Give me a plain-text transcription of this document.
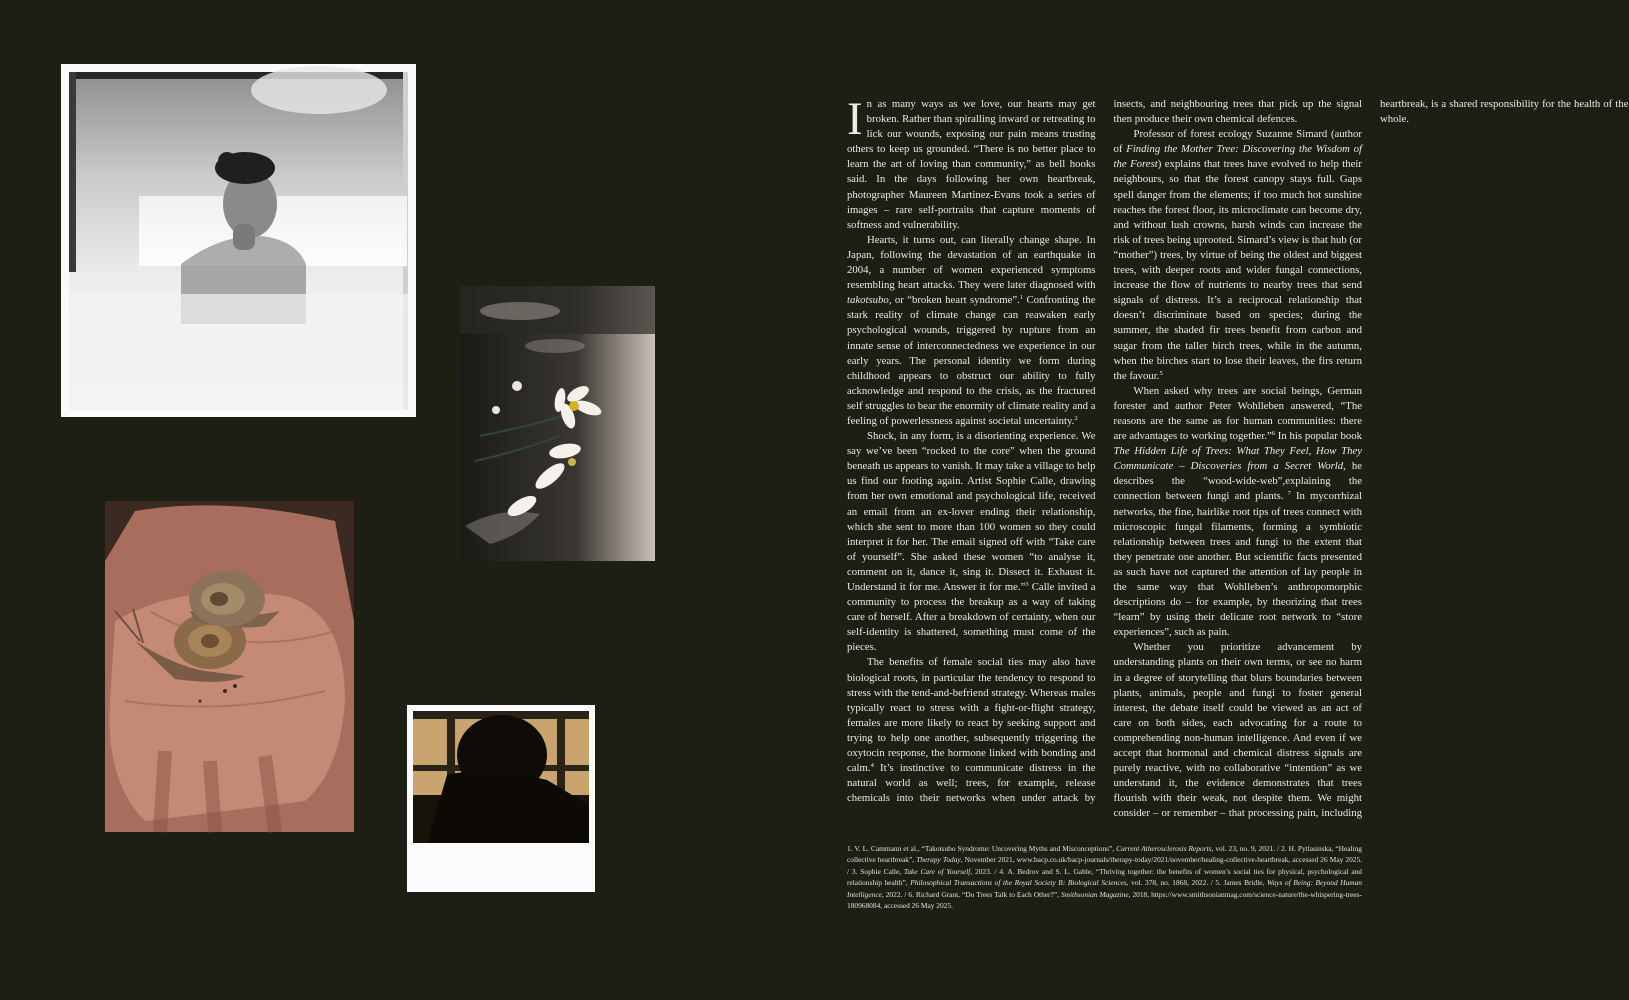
In as many ways as we love, our hearts may get broken. Rather than spiralling inward or retreating to lick our wounds, exposing our pain means trusting others to keep us grounded. “There is no better place to learn the art of loving than community,” as bell hooks said. In the days following her own heartbreak, photographer Maureen Martinez-Evans took a series of images – rare self-portraits that capture moments of softness and vulnerability.

Hearts, it turns out, can literally change shape. In Japan, following the devastation of an earthquake in 2004, a number of women experienced symptoms resembling heart attacks. They were later diagnosed with takotsubo, or “broken heart syndrome”.$^1$ Confronting the stark reality of climate change can reawaken early psychological wounds, triggered by rupture from an innate sense of interconnectedness we experience in our early years. The personal identity we form during childhood appears to obstruct our ability to fully acknowledge and respond to the crisis, as the fractured self struggles to bear the enormity of climate reality and a feeling of powerlessness against societal uncertainty.$^2$

Shock, in any form, is a disorienting experience. We say we’ve been “rocked to the core” when the ground beneath us appears to vanish. It may take a village to help us find our footing again. Artist Sophie Calle, drawing from her own emotional and psychological life, received an email from an ex-lover ending their relationship, which she sent to more than 100 women so they could interpret it for her. The email signed off with “Take care of yourself”. She asked these women “to analyse it, comment on it, dance it, sing it. Dissect it. Exhaust it. Understand it for me. Answer it for me.”$^3$ Calle invited a community to process the breakup as a way of taking care of herself. After a breakdown of certainty, when our self-identity is shattered, something must come of the pieces.

The benefits of female social ties may also have biological roots, in particular the tendency to respond to stress with the tend-and-befriend strategy. Whereas males typically react to stress with a fight-or-flight strategy, females are more likely to react by seeking support and trying to help one another, subsequently triggering the oxytocin response, the hormone linked with bonding and calm.$^4$ It’s instinctive to communicate distress in the natural world as well; trees, for example, release chemicals into their networks when under attack by insects, and neighbouring trees that pick up the signal then produce their own chemical defences.

Professor of forest ecology Suzanne Simard (author of Finding the Mother Tree: Discovering the Wisdom of the Forest) explains that trees have evolved to help their neighbours, so that the forest canopy stays full. Gaps spell danger from the elements; if too much hot sunshine reaches the forest floor, its microclimate can become dry, and without lush crowns, harsh winds can increase the risk of trees being uprooted. Simard’s view is that hub (or “mother”) trees, by virtue of being the oldest and biggest trees, with deeper roots and wider fungal connections, increase the flow of nutrients to nearby trees that send signals of distress. It’s a reciprocal relationship that doesn’t discriminate based on species; during the summer, the shaded fir trees benefit from carbon and sugar from the taller birch trees, while in the autumn, when the birches start to lose their leaves, the firs return the favour.$^5$

When asked why trees are social beings, German forester and author Peter Wohlleben answered, “The reasons are the same as for human communities: there are advantages to working together.”$^6$ In his popular book The Hidden Life of Trees: What They Feel, How They Communicate – Discoveries from a Secret World, he describes the “wood-wide-web”,explaining the connection between fungi and plants. $^7$ In mycorrhizal networks, the fine, hairlike root tips of trees connect with microscopic fungal filaments, forming a symbiotic relationship between trees and fungi to the extent that they penetrate one another. But scientific facts presented as such have not captured the attention of lay people in the same way that Wohlleben’s anthropomorphic descriptions do – for example, by theorizing that trees “learn” by using their delicate root network to “store experiences”, such as pain.

Whether you prioritize advancement by understanding plants on their own terms, or see no harm in a degree of storytelling that blurs boundaries between plants, animals, people and fungi to foster general interest, the debate itself could be viewed as an act of care on both sides, each advocating for a route to comprehending non-human intelligence. And even if we accept that hormonal and chemical distress signals are purely reactive, with no collaborative “intention” as we understand it, the evidence demonstrates that trees flourish with their weak, not despite them. We might consider – or remember – that processing pain, including heartbreak, is a shared responsibility for the health of the whole.

1. V. L. Cammann et al., “Takotsubo Syndrome: Uncovering Myths and Misconceptions”, Current Atherosclerosis Reports, vol. 23, no. 9, 2021. / 2. H. Pytlasinska, “Healing collective heartbreak”, Therapy Today, November 2021, www.bacp.co.uk/bacp-journals/therapy-today/2021/november/healing-collective-heartbreak, accessed 26 May 2025. / 3. Sophie Calle, Take Care of Yourself, 2023. / 4. A. Bedrov and S. L. Gable, “Thriving together: the benefits of women’s social ties for physical, psychological and relationship health”, Philosophical Transactions of the Royal Society B: Biological Sciences, vol. 378, no. 1868, 2022. / 5. James Bridle, Ways of Being: Beyond Human Intelligence, 2022. / 6. Richard Grant, “Do Trees Talk to Each Other?”, Smithsonian Magazine, 2018, https://www.smithsonianmag.com/science-nature/the-whispering-trees-180968084, accessed 26 May 2025.
